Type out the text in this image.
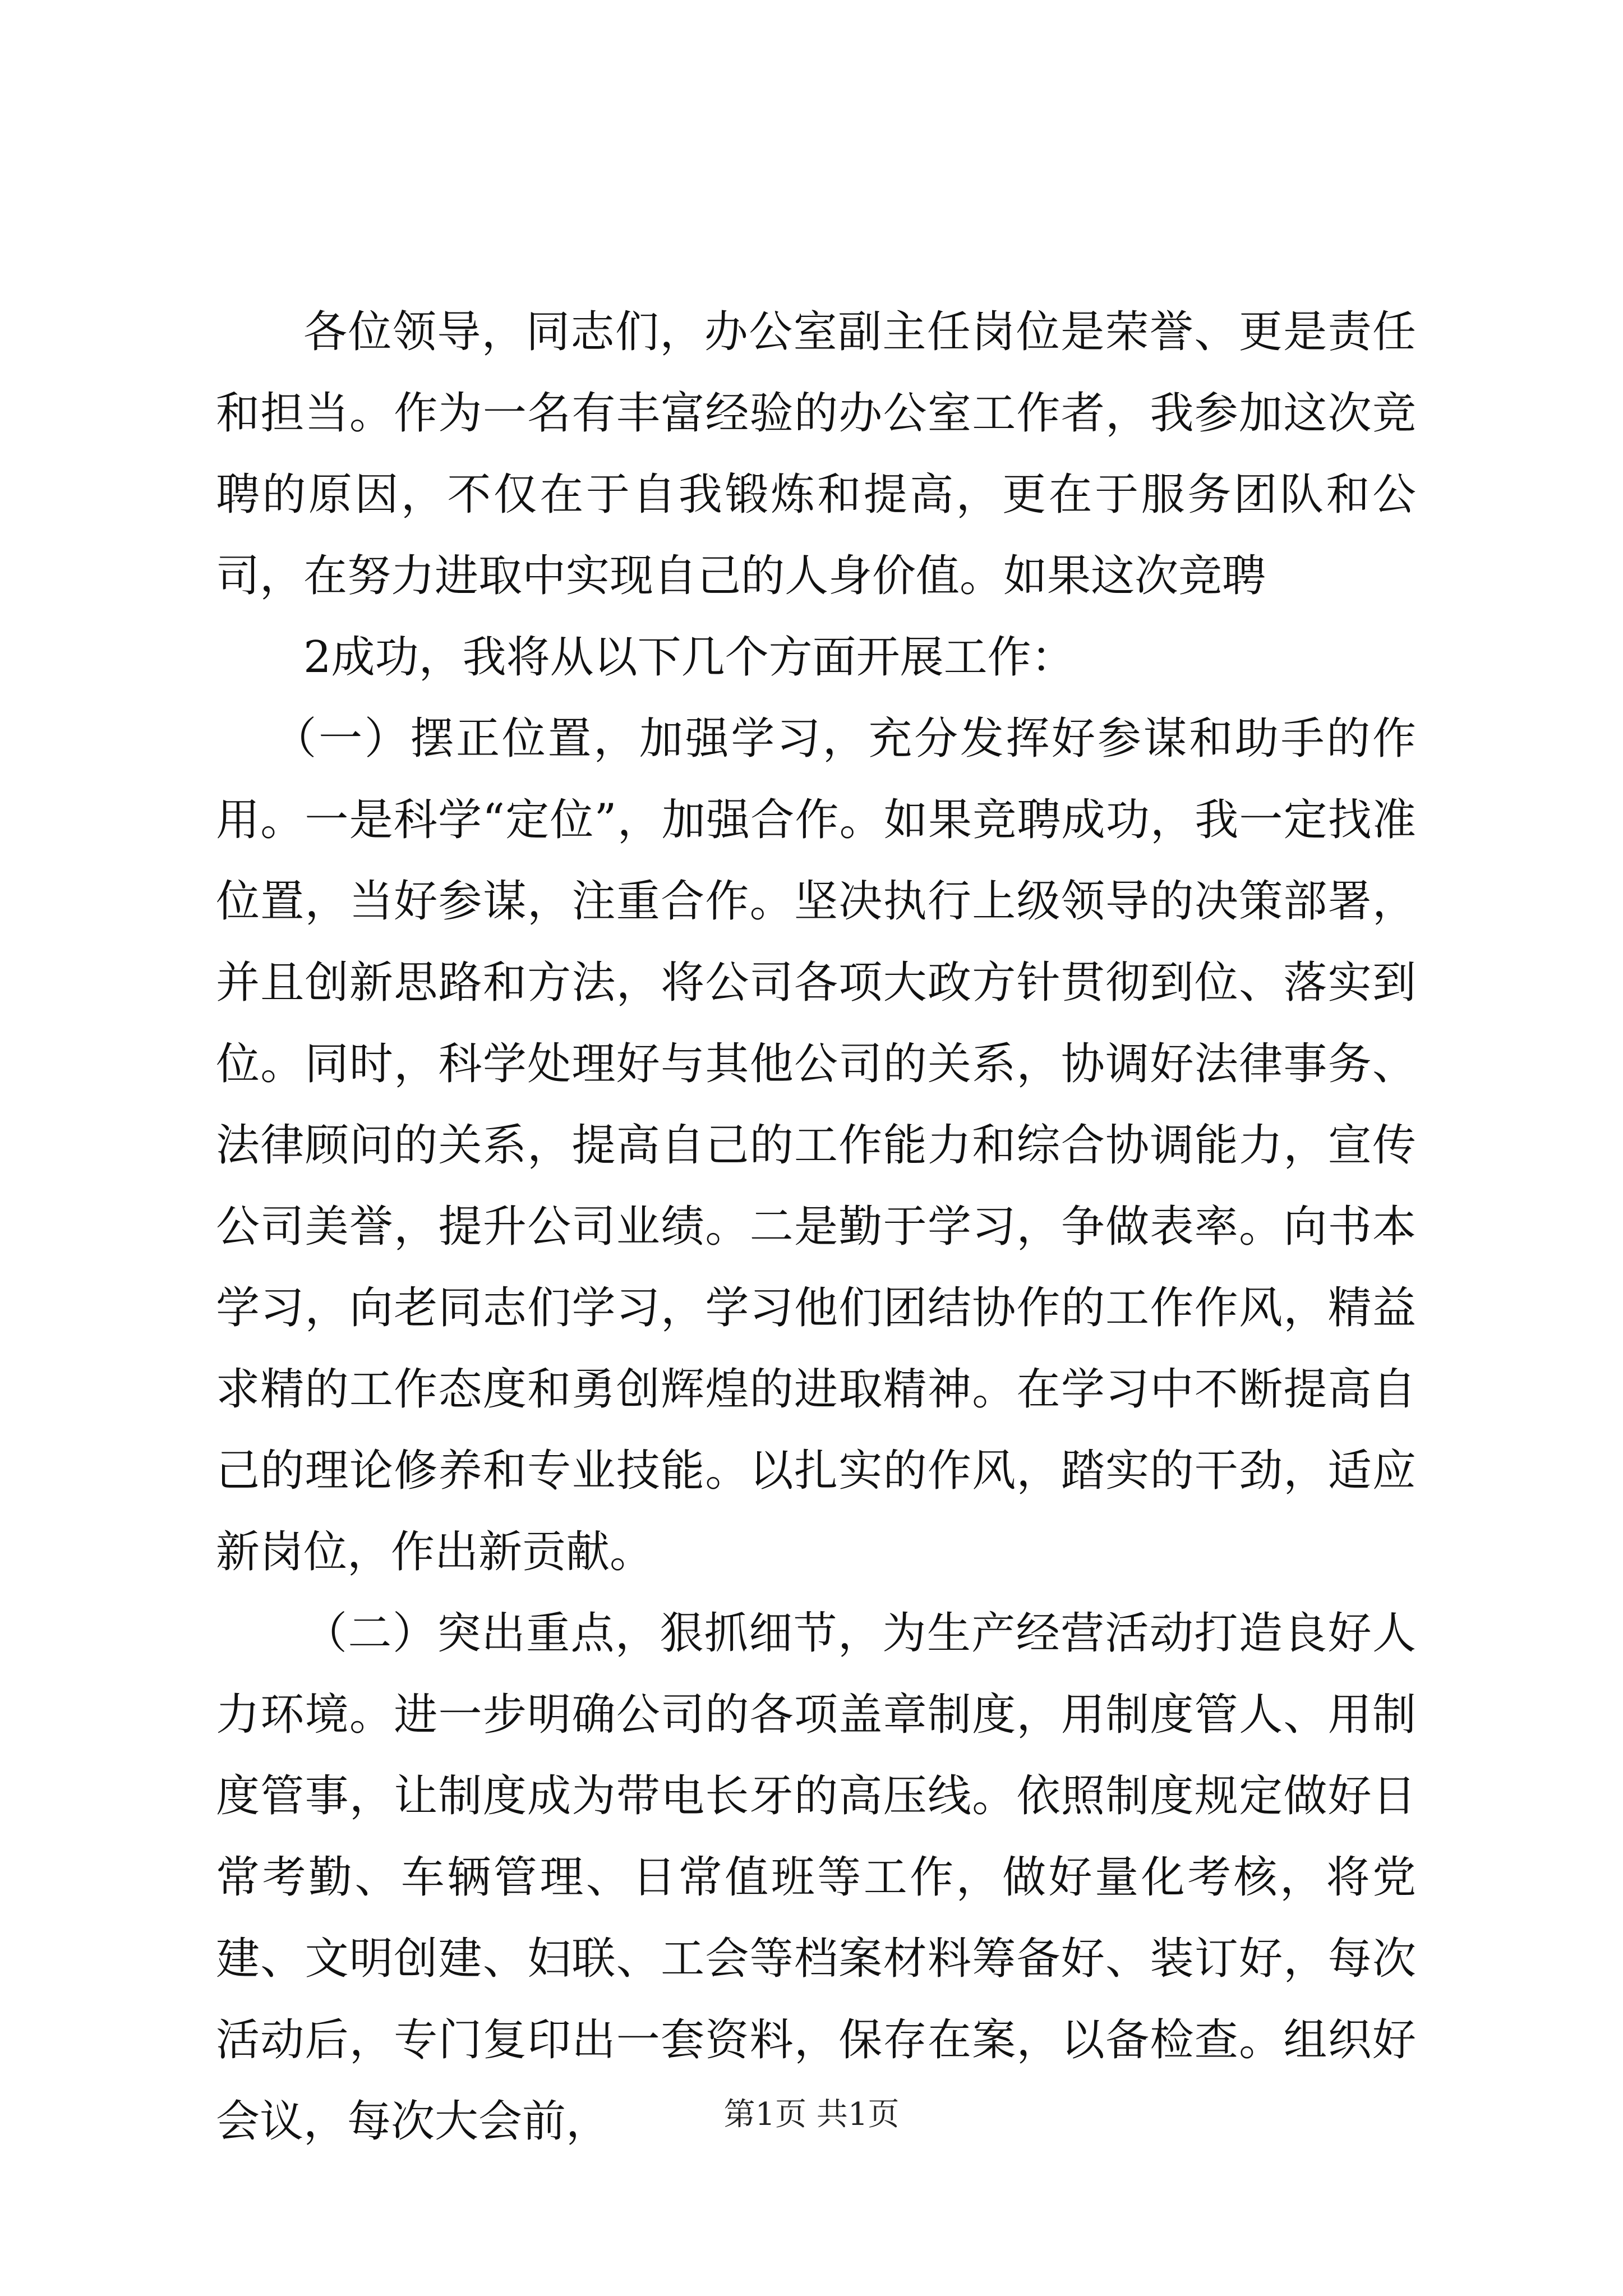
各位领导，同志们，办公室副主任岗位是荣誉、更是责任和担当。作为一名有丰富经验的办公室工作者，我参加这次竞聘的原因，不仅在于自我锻炼和提高，更在于服务团队和公司，在努力进取中实现自己的人身价值。如果这次竞聘

2成功，我将从以下几个方面开展工作：

（一）摆正位置，加强学习，充分发挥好参谋和助手的作用。一是科学“定位”，加强合作。如果竞聘成功，我一定找准位置，当好参谋，注重合作。坚决执行上级领导的决策部署，并且创新思路和方法，将公司各项大政方针贯彻到位、落实到位。同时，科学处理好与其他公司的关系，协调好法律事务、法律顾问的关系，提高自己的工作能力和综合协调能力，宣传公司美誉，提升公司业绩。二是勤于学习，争做表率。向书本学习，向老同志们学习，学习他们团结协作的工作作风，精益求精的工作态度和勇创辉煌的进取精神。在学习中不断提高自己的理论修养和专业技能。以扎实的作风，踏实的干劲，适应新岗位，作出新贡献。

（二）突出重点，狠抓细节，为生产经营活动打造良好人力环境。进一步明确公司的各项盖章制度，用制度管人、用制度管事，让制度成为带电长牙的高压线。依照制度规定做好日常考勤、车辆管理、日常值班等工作，做好量化考核，将党建、文明创建、妇联、工会等档案材料筹备好、装订好，每次活动后，专门复印出一套资料，保存在案，以备检查。组织好会议，每次大会前，	第1页 共1页
